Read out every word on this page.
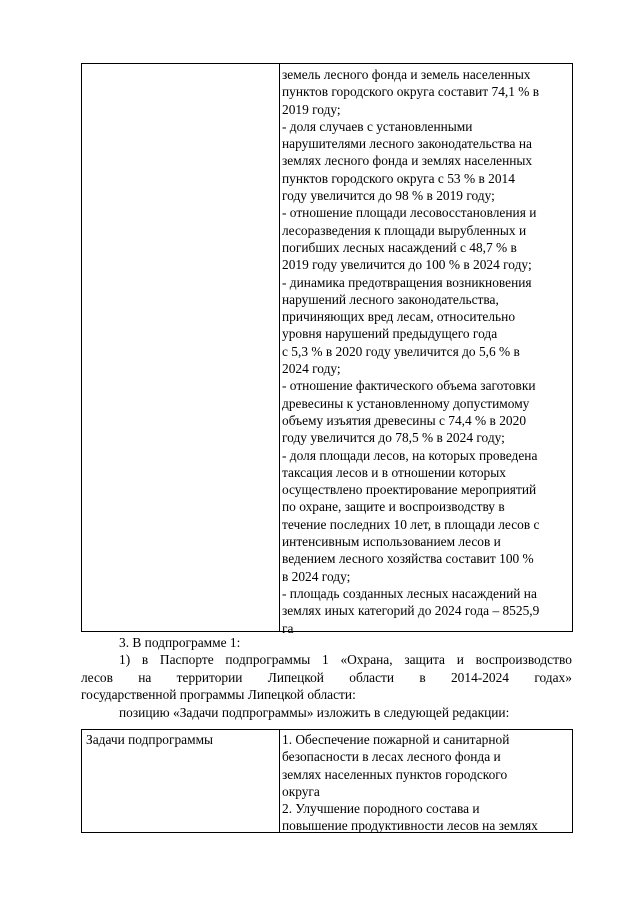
земель лесного фонда и земель населенных
пунктов городского округа составит 74,1 % в
2019 году;
- доля случаев с установленными
нарушителями лесного законодательства на
землях лесного фонда и землях населенных
пунктов городского округа с 53 % в 2014
году увеличится до 98 % в 2019 году;
- отношение площади лесовосстановления и
лесоразведения к площади вырубленных и
погибших лесных насаждений с 48,7 % в
2019 году увеличится до 100 % в 2024 году;
- динамика предотвращения возникновения
нарушений лесного законодательства,
причиняющих вред лесам, относительно
уровня нарушений предыдущего года
с 5,3 % в 2020 году увеличится до 5,6 % в
2024 году;
- отношение фактического объема заготовки
древесины к установленному допустимому
объему изъятия древесины с 74,4 % в 2020
году увеличится до 78,5 % в 2024 году;
- доля площади лесов, на которых проведена
таксация лесов и в отношении которых
осуществлено проектирование мероприятий
по охране, защите и воспроизводству в
течение последних 10 лет, в площади лесов с
интенсивным использованием лесов и
ведением лесного хозяйства составит 100 %
в 2024 году;
- площадь созданных лесных насаждений на
землях иных категорий до 2024 года – 8525,9
га
3. В подпрограмме 1:
1) в Паспорте подпрограммы 1 «Охрана, защита и воспроизводство
лесов на территории Липецкой области в 2014-2024 годах»
государственной программы Липецкой области:
позицию «Задачи подпрограммы» изложить в следующей редакции:
Задачи подпрограммы	1. Обеспечение пожарной и санитарной
безопасности в лесах лесного фонда и
землях населенных пунктов городского
округа
2. Улучшение породного состава и
повышение продуктивности лесов на землях
